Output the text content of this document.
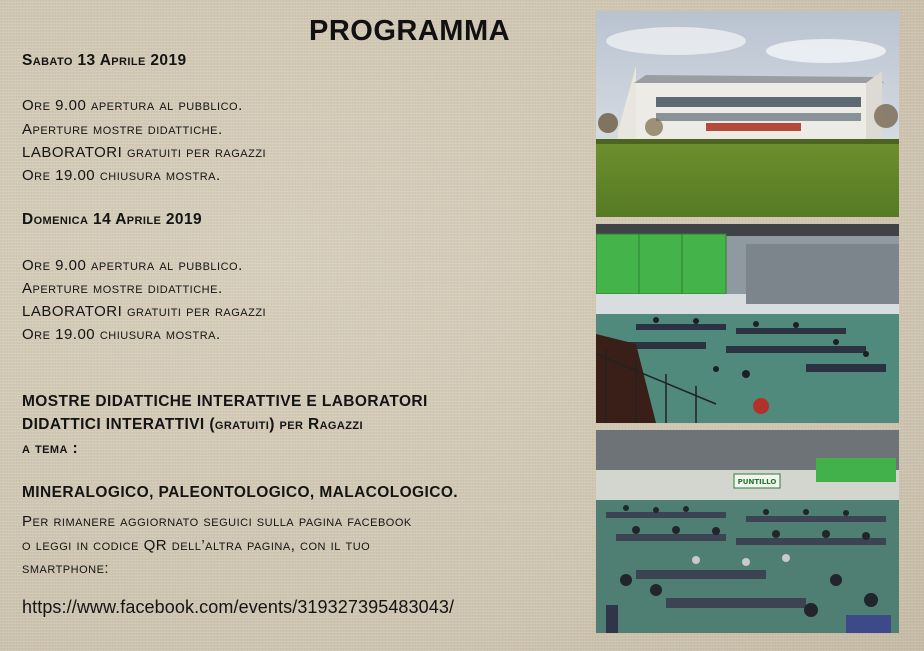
PROGRAMMA
Sabato 13 Aprile 2019
Ore 9.00 apertura al pubblico.
Aperture mostre didattiche.
LABORATORI gratuiti per ragazzi
Ore 19.00 chiusura mostra.
Domenica 14 Aprile 2019
Ore 9.00 apertura al pubblico.
Aperture mostre didattiche.
LABORATORI gratuiti per ragazzi
Ore 19.00 chiusura mostra.
MOSTRE DIDATTICHE INTERATTIVE E LABORATORI
DIDATTICI INTERATTIVI (gratuiti) per Ragazzi
a tema :
MINERALOGICO, PALEONTOLOGICO, MALACOLOGICO.
Per rimanere aggiornato seguici sulla pagina facebook
o leggi in codice QR dell’altra pagina, con il tuo
smartphone:
https://www.facebook.com/events/319327395483043/
PUNTILLO
